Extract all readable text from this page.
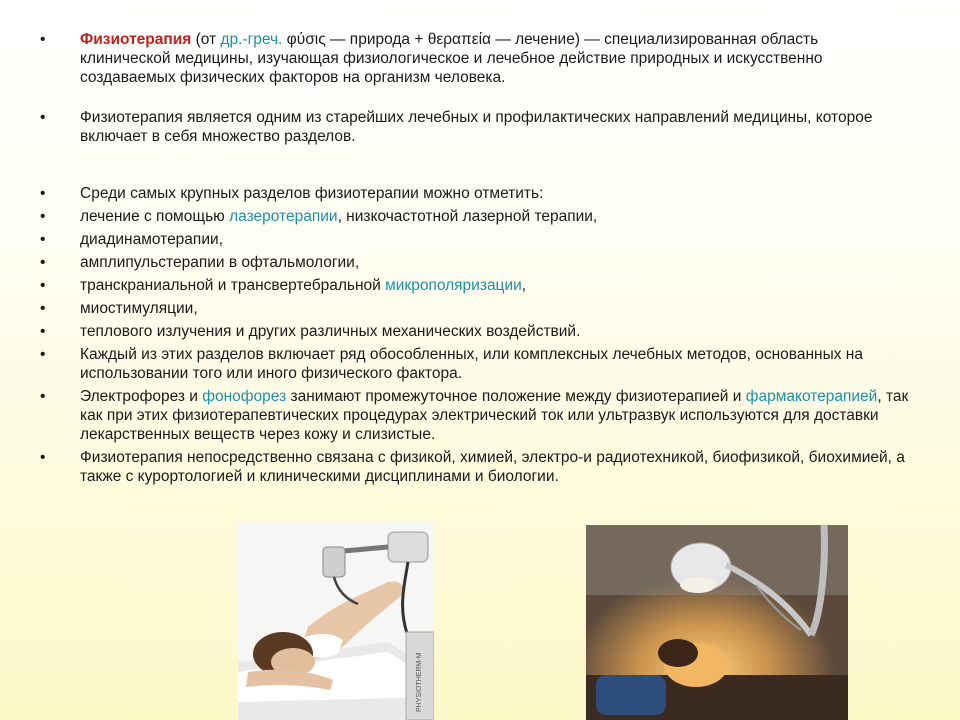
• Физиотерапия (от др.-греч. φύσις — природа + θεραπεία — лечение) — специализированная область клинической медицины, изучающая физиологическое и лечебное действие природных и искусственно создаваемых физических факторов на организм человека.
• Физиотерапия является одним из старейших лечебных и профилактических направлений медицины, которое включает в себя множество разделов.
• Среди самых крупных разделов физиотерапии можно отметить:
• лечение с помощью лазеротерапии, низкочастотной лазерной терапии,
• диадинамотерапии,
• амплипульстерапии в офтальмологии,
• транскраниальной и трансвертебральной микрополяризации,
• миостимуляции,
• теплового излучения и других различных механических воздействий.
• Каждый из этих разделов включает ряд обособленных, или комплексных лечебных методов, основанных на использовании того или иного физического фактора.
• Электрофорез и фонофорез занимают промежуточное положение между физиотерапией и фармакотерапией, так как при этих физиотерапевтических процедурах электрический ток или ультразвук используются для доставки лекарственных веществ через кожу и слизистые.
• Физиотерапия непосредственно связана с физикой, химией, электро-и радиотехникой, биофизикой, биохимией, а также с курортологией и клиническими дисциплинами и биологии.
PHYSIOTHERM-M
